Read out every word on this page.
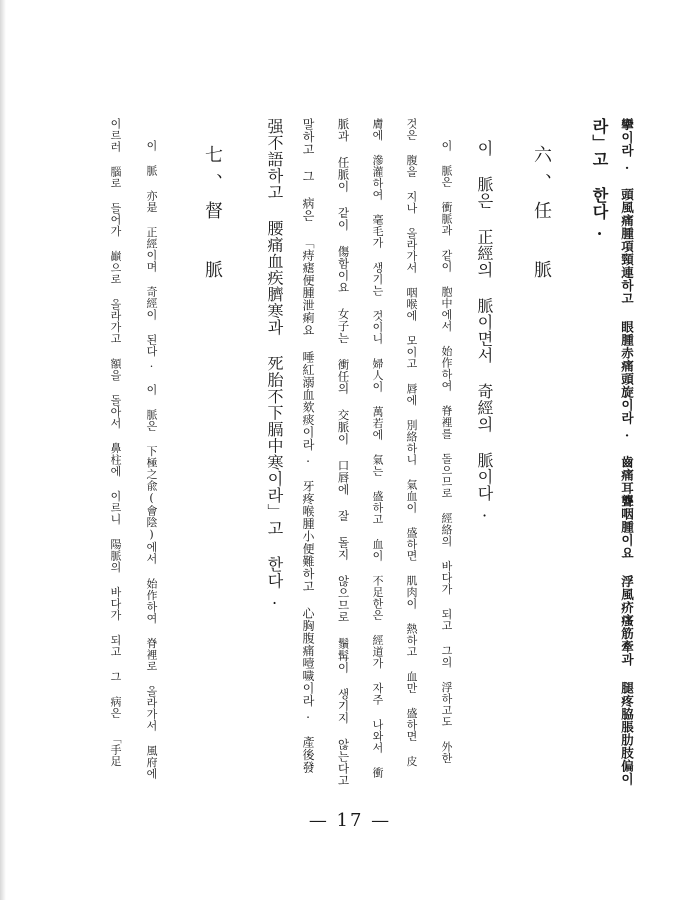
攣이라. 頭風痛腫項頸連하고 眼腫赤痛頭旋이라. 齒痛耳聾咽腫이요 浮風疥瘙筋牽과 腿疼脇脹肋肢偏이
라」고 한다.
六、任 脈
이 脈은 正經의 脈이면서 奇經의 脈이다.
이 脈은 衝脈과 같이 胞中에서 始作하여 脊裡를 돌으므로 經絡의 바다가 되고 그의 浮하고도 外한
것은 腹을 지나 올라가서 咽喉에 모이고 唇에 別絡하니 氣血이 盛하면 肌肉이 熱하고 血만 盛하면 皮
膚에 滲灌하여 毫毛가 생기는 것이니 婦人이 萬若에 氣는 盛하고 血이 不足한은 經道가 자주 나와서 衝
脈과 任脈이 같이 傷함이요 女子는 衝任의 交脈이 口唇에 잘 돌지 않으므로 鬚髯이 생기지 않는다고
말하고 그 病은 「痔瘧便腫泄痢요 唾紅溺血欬痰이라. 牙疼喉腫小便難하고 心胸腹痛噎噦이라. 產後發
强不語하고 腰痛血疾臍寒과 死胎不下膈中寒이라」고 한다.
七、督 脈
이 脈 亦是 正經이며 奇經이 된다. 이 脈은 下極之兪(會陰)에서 始作하여 脊裡로 올라가서 風府에
이르러 腦로 들어가 巓으로 올라가고 額을 돌아서 鼻柱에 이르니 陽脈의 바다가 되고 그 病은 「手足
— 17 —
